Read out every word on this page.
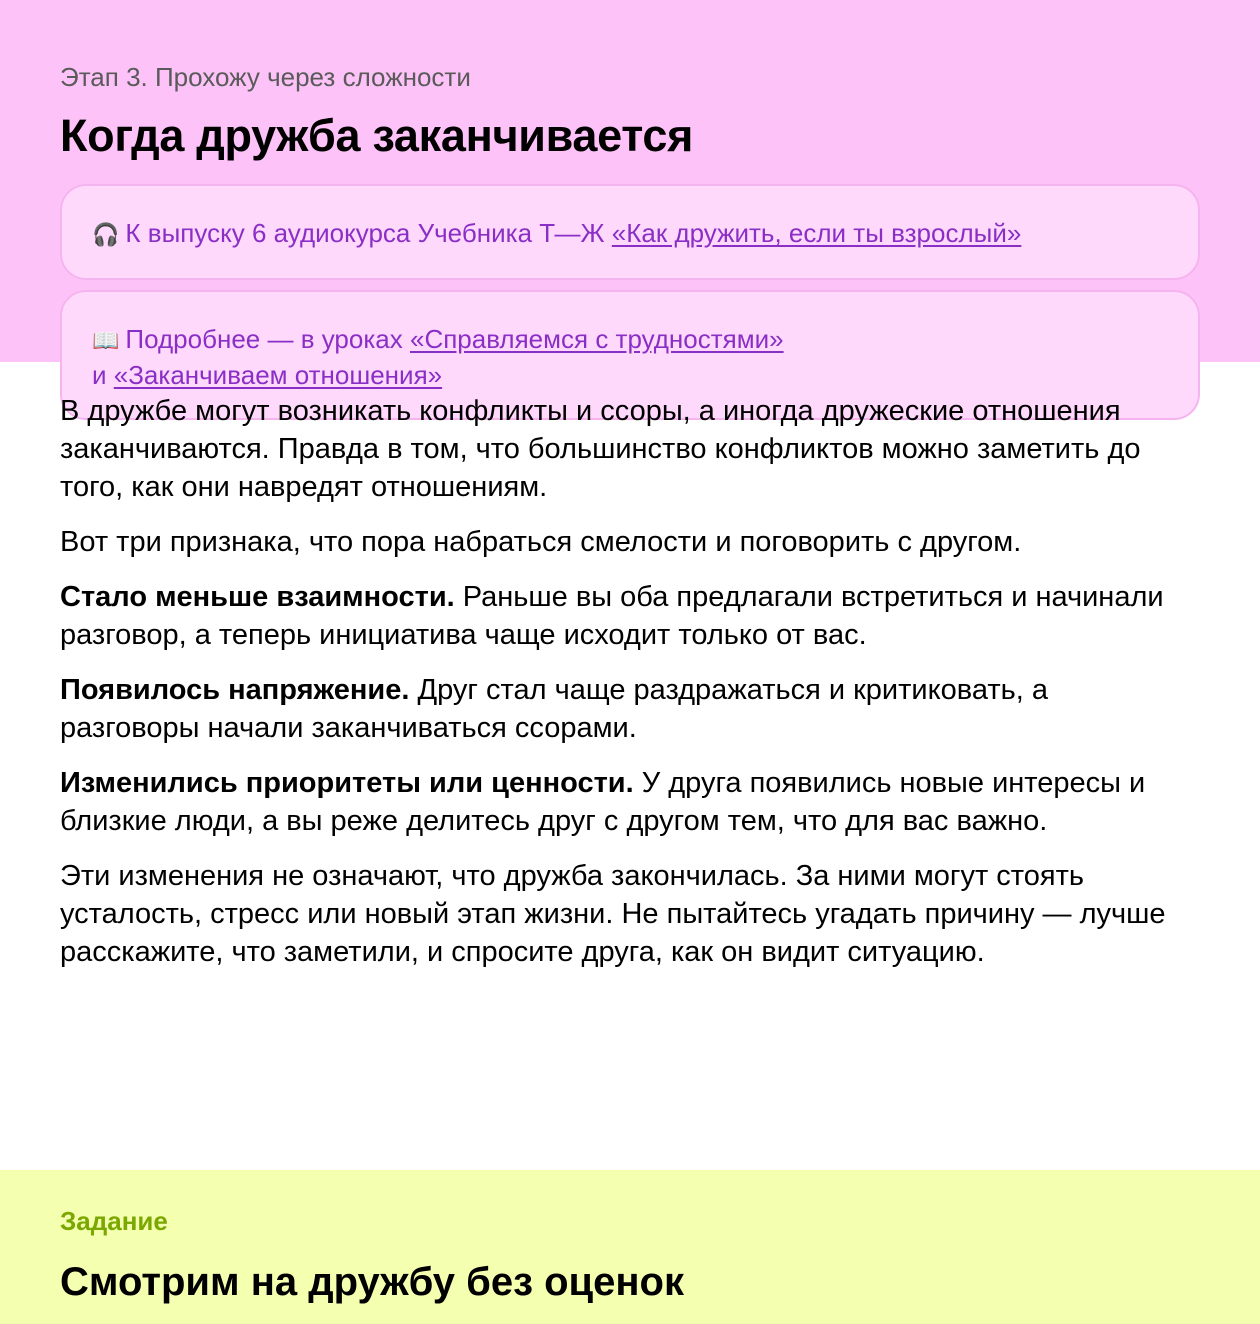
Этап 3. Прохожу через сложности
Когда дружба заканчивается
🎧 К выпуску 6 аудиокурса Учебника Т—Ж «Как дружить, если ты взрослый»
📖 Подробнее — в уроках «Справляемся с трудностями»
и «Заканчиваем отношения»

В дружбе могут возникать конфликты и ссоры, а иногда дружеские отношения заканчиваются. Правда в том, что большинство конфликтов можно заметить до того, как они навредят отношениям.

Вот три признака, что пора набраться смелости и поговорить с другом.

Стало меньше взаимности. Раньше вы оба предлагали встретиться и начинали разговор, а теперь инициатива чаще исходит только от вас.

Появилось напряжение. Друг стал чаще раздражаться и критиковать, а разговоры начали заканчиваться ссорами.

Изменились приоритеты или ценности. У друга появились новые интересы и близкие люди, а вы реже делитесь друг с другом тем, что для вас важно.

Эти изменения не означают, что дружба закончилась. За ними могут стоять усталость, стресс или новый этап жизни. Не пытайтесь угадать причину — лучше расскажите, что заметили, и спросите друга, как он видит ситуацию.

Задание
Смотрим на дружбу без оценок
